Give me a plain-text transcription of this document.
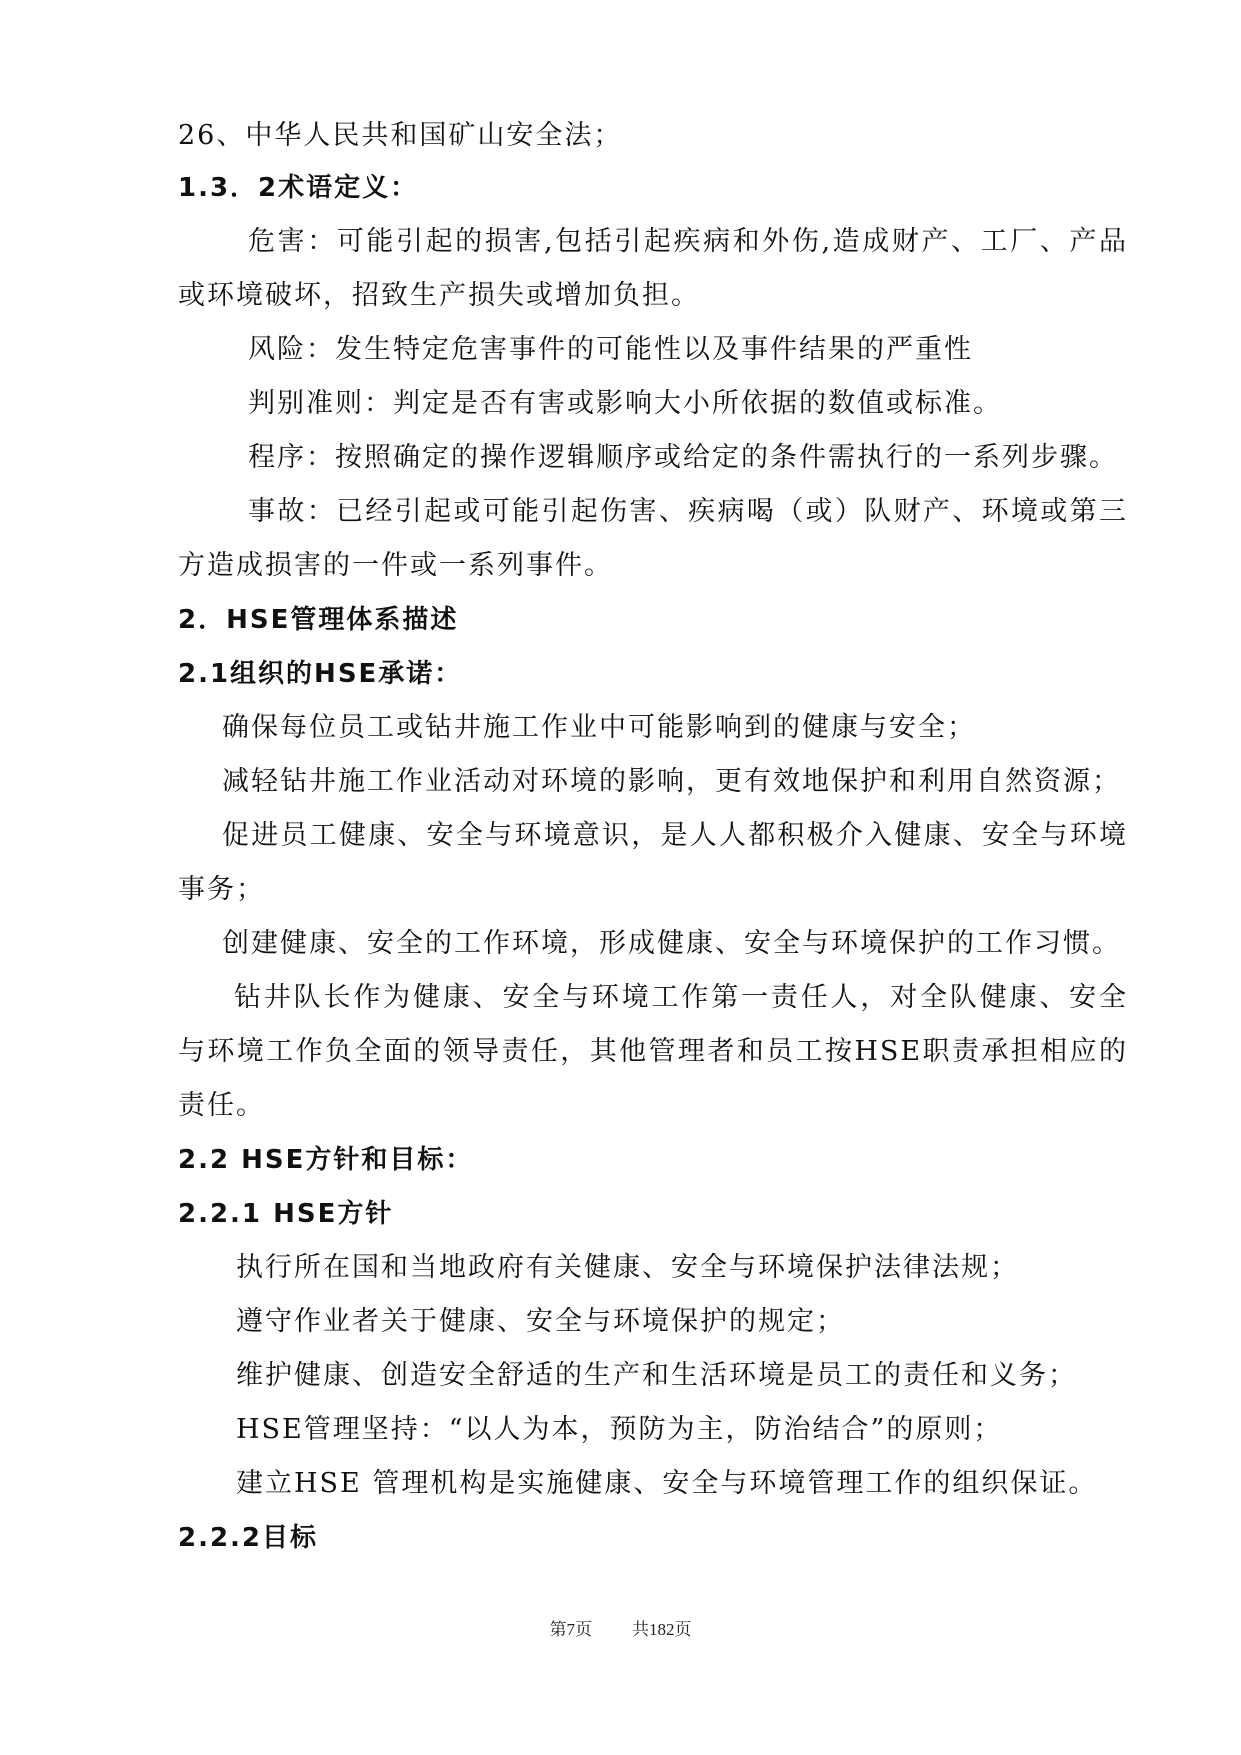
26、中华人民共和国矿山安全法；
1.3．2术语定义：
危害：可能引起的损害,包括引起疾病和外伤,造成财产、工厂、产品
或环境破坏，招致生产损失或增加负担。
风险：发生特定危害事件的可能性以及事件结果的严重性
判别准则：判定是否有害或影响大小所依据的数值或标准。
程序：按照确定的操作逻辑顺序或给定的条件需执行的一系列步骤。
事故：已经引起或可能引起伤害、疾病喝（或）队财产、环境或第三
方造成损害的一件或一系列事件。
2．HSE管理体系描述
2.1组织的HSE承诺：
确保每位员工或钻井施工作业中可能影响到的健康与安全；
减轻钻井施工作业活动对环境的影响，更有效地保护和利用自然资源；
促进员工健康、安全与环境意识，是人人都积极介入健康、安全与环境
事务；
创建健康、安全的工作环境，形成健康、安全与环境保护的工作习惯。
钻井队长作为健康、安全与环境工作第一责任人，对全队健康、安全
与环境工作负全面的领导责任，其他管理者和员工按HSE职责承担相应的
责任。
2.2 HSE方针和目标：
2.2.1 HSE方针
执行所在国和当地政府有关健康、安全与环境保护法律法规；
遵守作业者关于健康、安全与环境保护的规定；
维护健康、创造安全舒适的生产和生活环境是员工的责任和义务；
HSE管理坚持：“以人为本，预防为主，防治结合”的原则；
建立HSE 管理机构是实施健康、安全与环境管理工作的组织保证。
2.2.2目标
第7页 共182页
